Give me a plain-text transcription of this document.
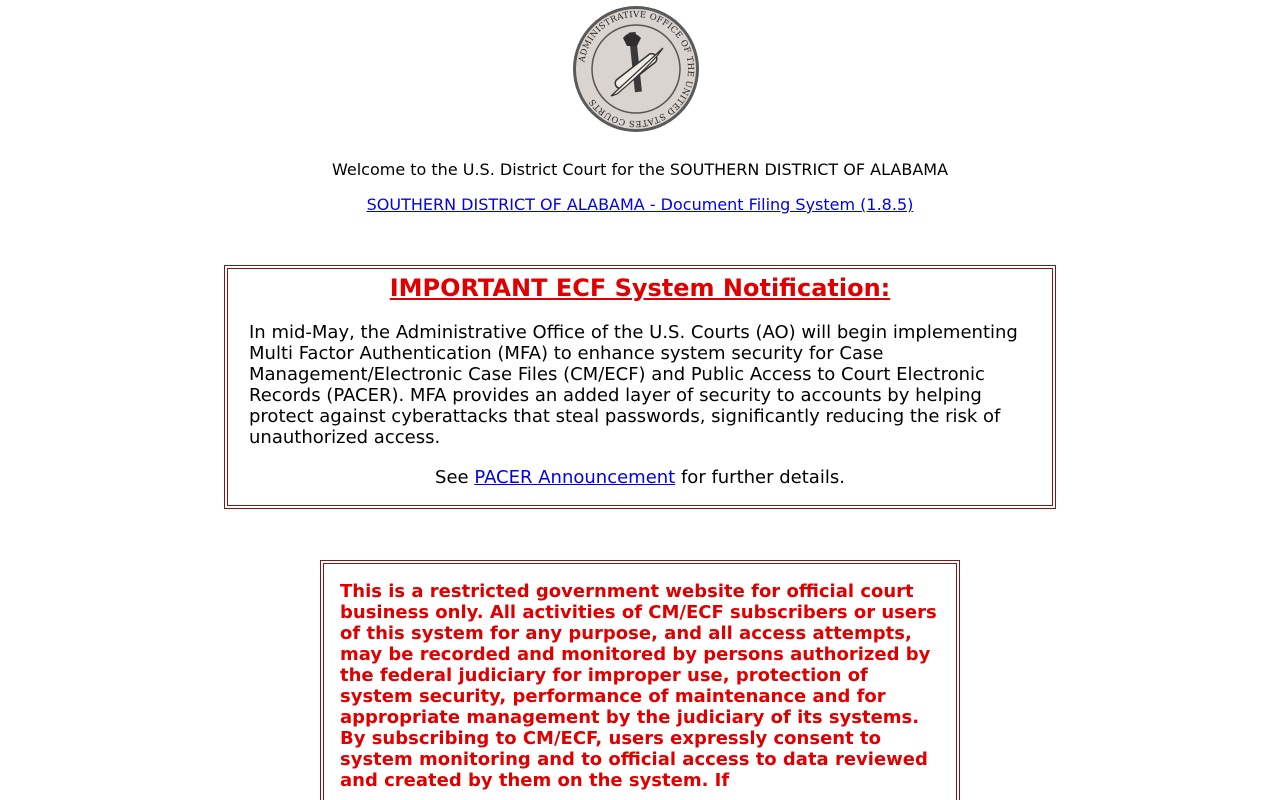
ADMINISTRATIVE OFFICE OF THE UNITED STATES COURTS
Welcome to the U.S. District Court for the SOUTHERN DISTRICT OF ALABAMA
SOUTHERN DISTRICT OF ALABAMA - Document Filing System (1.8.5)
IMPORTANT ECF System Notification:
In mid-May, the Administrative Office of the U.S. Courts (AO) will begin implementing Multi Factor Authentication (MFA) to enhance system security for Case Management/Electronic Case Files (CM/ECF) and Public Access to Court Electronic Records (PACER). MFA provides an added layer of security to accounts by helping protect against cyberattacks that steal passwords, significantly reducing the risk of unauthorized access.
See PACER Announcement for further details.
This is a restricted government website for official court business only. All activities of CM/ECF subscribers or users of this system for any purpose, and all access attempts, may be recorded and monitored by persons authorized by the federal judiciary for improper use, protection of system security, performance of maintenance and for appropriate management by the judiciary of its systems. By subscribing to CM/ECF, users expressly consent to system monitoring and to official access to data reviewed and created by them on the system. If
